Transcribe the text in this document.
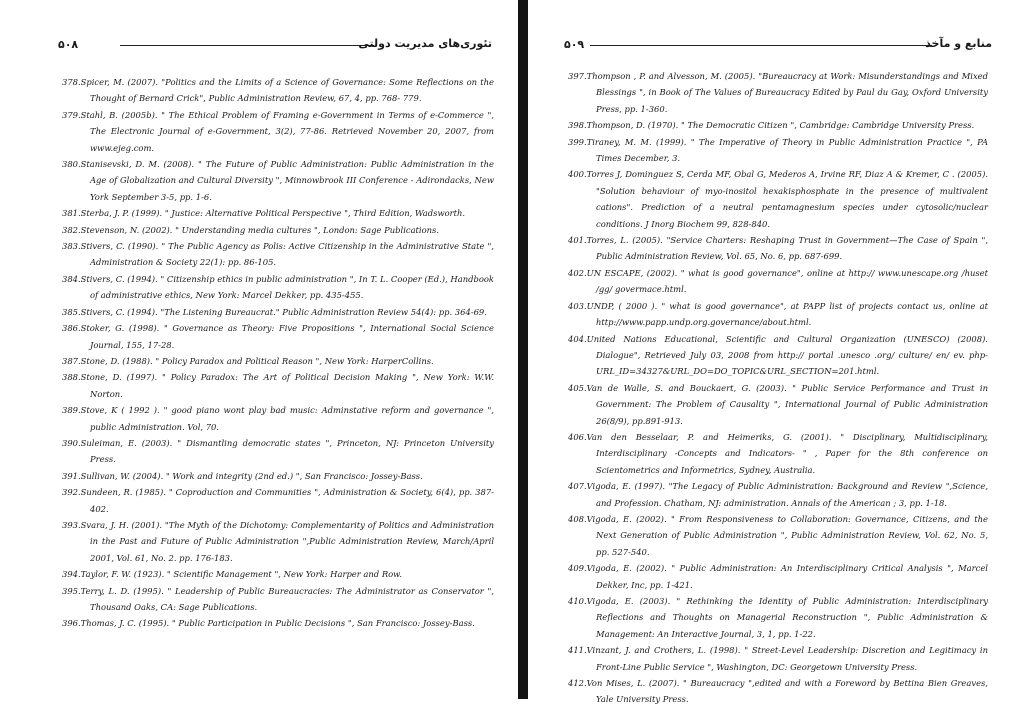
۵۰۸	تئوری‌های مدیریت دولتی
378.Spicer, M. (2007). "Politics and the Limits of a Science of Governance: Some Reflections on the Thought of Bernard Crick", Public Administration Review, 67, 4, pp. 768- 779.
379.Stahl, B. (2005b). " The Ethical Problem of Framing e-Government in Terms of e-Commerce ", The Electronic Journal of e-Government, 3(2), 77-86. Retrieved November 20, 2007, from www.ejeg.com.
380.Stanisevski, D. M. (2008). " The Future of Public Administration: Public Administration in the Age of Globalization and Cultural Diversity ", Minnowbrook III Conference - Adirondacks, New York September 3-5, pp. 1-6.
381.Sterba, J. P. (1999). " Justice: Alternative Political Perspective ", Third Edition, Wadsworth.
382.Stevenson, N. (2002). " Understanding media cultures ", London: Sage Publications.
383.Stivers, C. (1990). " The Public Agency as Polis: Active Citizenship in the Administrative State ", Administration & Society 22(1): pp. 86-105.
384.Stivers, C. (1994). " Citizenship ethics in public administration ", In T. L. Cooper (Ed.), Handbook of administrative ethics, New York: Marcel Dekker, pp. 435-455.
385.Stivers, C. (1994). "The Listening Bureaucrat." Public Administration Review 54(4): pp. 364-69.
386.Stoker, G. (1998). " Governance as Theory: Five Propositions ", International Social Science Journal, 155, 17-28.
387.Stone, D. (1988). " Policy Paradox and Political Reason ", New York: HarperCollins.
388.Stone, D. (1997). " Policy Paradox: The Art of Political Decision Making ", New York: W.W. Norton.
389.Stove, K ( 1992 ). " good piano wont play bad music: Adminstative reform and governance ", public Administration. Vol, 70.
390.Suleiman, E. (2003). " Dismantling democratic states ", Princeton, NJ: Princeton University Press.
391.Sullivan, W. (2004). " Work and integrity (2nd ed.) ", San Francisco: Jossey-Bass.
392.Sundeen, R. (1985). " Coproduction and Communities ", Administration & Society, 6(4), pp. 387-402.
393.Svara, J. H. (2001). "The Myth of the Dichotomy: Complementarity of Politics and Administration in the Past and Future of Public Administration ",Public Administration Review, March/April 2001, Vol. 61, No. 2. pp. 176-183.
394.Taylor, F. W. (1923). " Scientific Management ", New York: Harper and Row.
395.Terry, L. D. (1995). " Leadership of Public Bureaucracies: The Administrator as Conservator ", Thousand Oaks, CA: Sage Publications.
396.Thomas, J. C. (1995). " Public Participation in Public Decisions ", San Francisco: Jossey-Bass.
۵۰۹	منابع و مآخذ
397.Thompson , P. and Alvesson, M. (2005). "Bureaucracy at Work: Misunderstandings and Mixed Blessings ", in Book of The Values of Bureaucracy Edited by Paul du Gay, Oxford University Press, pp. 1-360.
398.Thompson, D. (1970). " The Democratic Citizen ", Cambridge: Cambridge University Press.
399.Tiraney, M. M. (1999). " The Imperative of Theory in Public Administration Practice ", PA Times December, 3.
400.Torres J, Dominguez S, Cerda MF, Obal G, Mederos A, Irvine RF, Diaz A & Kremer, C . (2005). "Solution behaviour of myo-inositol hexakisphosphate in the presence of multivalent cations". Prediction of a neutral pentamagnesium species under cytosolic/nuclear conditions. J Inorg Biochem 99, 828-840.
401.Torres, L. (2005). "Service Charters: Reshaping Trust in Government—The Case of Spain ", Public Administration Review, Vol. 65, No. 6, pp. 687-699.
402.UN ESCAPE, (2002). " what is good governance", online at http:// www.unescape.org /huset /gg/ govermace.html.
403.UNDP, ( 2000 ). " what is good governance", at PAPP list of projects contact us, online at http://www.papp.undp.org.governance/about.html.
404.United Nations Educational, Scientific and Cultural Organization (UNESCO) (2008). Dialogue", Retrieved July 03, 2008 from http:// portal .unesco .org/ culture/ en/ ev. php-URL_ID=34327&URL_DO=DO_TOPIC&URL_SECTION=201.html.
405.Van de Walle, S. and Bouckaert, G. (2003). " Public Service Performance and Trust in Government: The Problem of Causality ", International Journal of Public Administration 26(8/9), pp.891-913.
406.Van den Besselaar, P. and Heimeriks, G. (2001). " Disciplinary, Multidisciplinary, Interdisciplinary -Concepts and Indicators- " , Paper for the 8th conference on Scientometrics and Informetrics, Sydney, Australia.
407.Vigoda, E. (1997). "The Legacy of Public Administration: Background and Review ",Science, and Profession. Chatham, NJ: administration. Annals of the American ; 3, pp. 1-18.
408.Vigoda, E. (2002). " From Responsiveness to Collaboration: Governance, Citizens, and the Next Generation of Public Administration ", Public Administration Review, Vol. 62, No. 5, pp. 527-540.
409.Vigoda, E. (2002). " Public Administration: An Interdisciplinary Critical Analysis ", Marcel Dekker, Inc, pp. 1-421.
410.Vigoda, E. (2003). " Rethinking the Identity of Public Administration: Interdisciplinary Reflections and Thoughts on Managerial Reconstruction ", Public Administration & Management: An Interactive Journal, 3, 1, pp. 1-22.
411.Vinzant, J. and Crothers, L. (1998). " Street-Level Leadership: Discretion and Legitimacy in Front-Line Public Service ", Washington, DC: Georgetown University Press.
412.Von Mises, L. (2007). " Bureaucracy ",edited and with a Foreword by Bettina Bien Greaves, Yale University Press.
